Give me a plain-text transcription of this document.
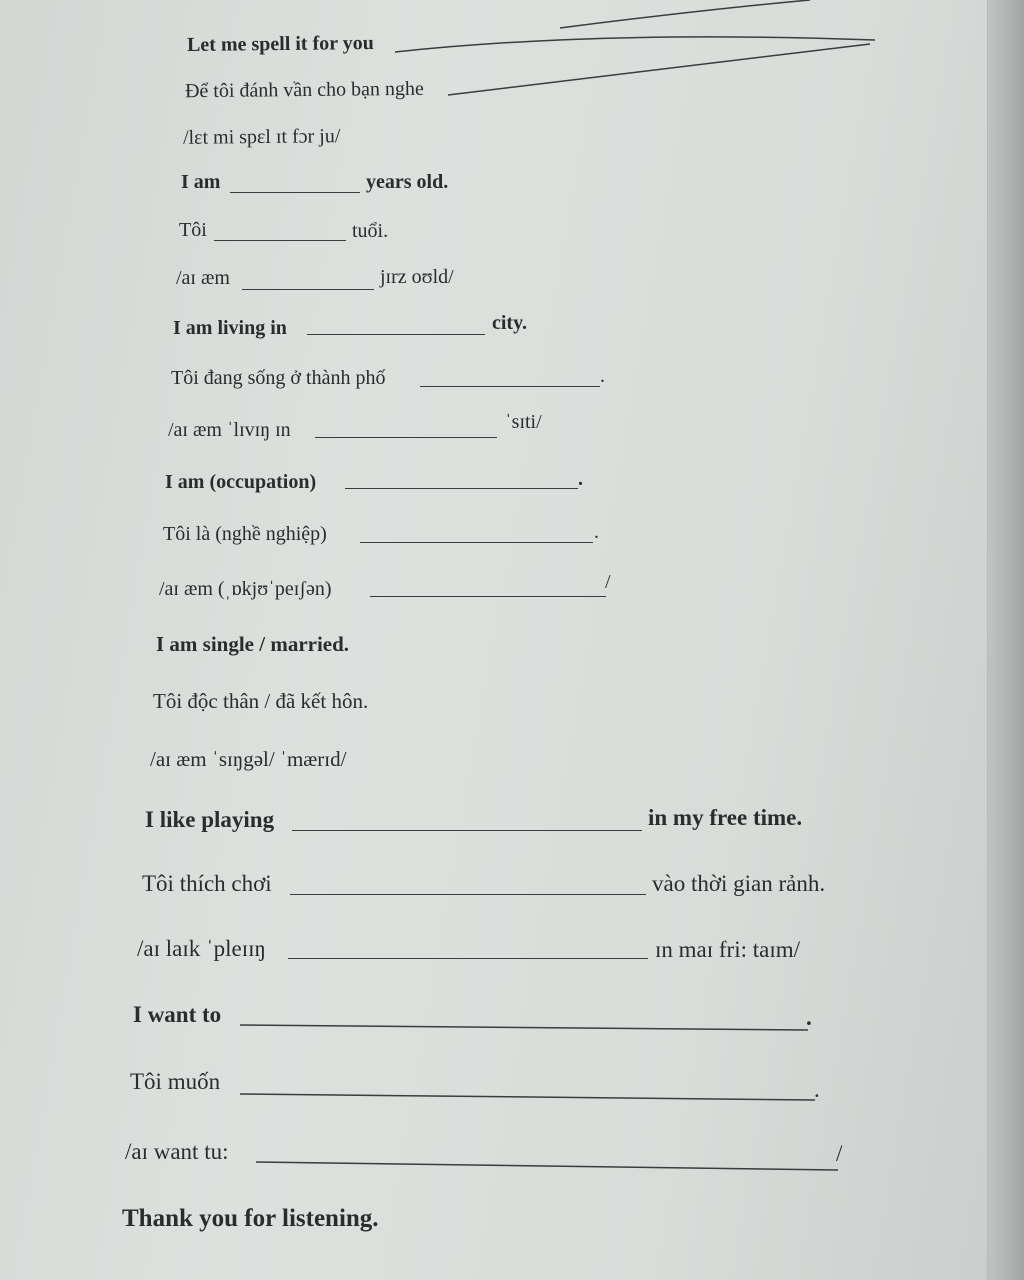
Let me spell it for you
Để tôi đánh vần cho bạn nghe
/lɛt mi spɛl ɪt fɔr ju/
I am	years old.
Tôi	tuổi.
/aɪ æm	jɪrz oʊld/
I am living in	city.
Tôi đang sống ở thành phố	.
/aɪ æm ˈlɪvɪŋ ɪn	ˈsɪti/
I am (occupation)	.
Tôi là (nghề nghiệp)	.
/aɪ æm (ˌɒkjʊˈpeɪʃən)	/
I am single / married.
Tôi độc thân / đã kết hôn.
/aɪ æm ˈsɪŋgəl/ ˈmærɪd/
I like playing	in my free time.
Tôi thích chơi	vào thời gian rảnh.
/aɪ laɪk ˈpleɪɪŋ	ɪn maɪ fri: taɪm/
I want to	.
Tôi muốn	.
/aɪ want tu:	/
Thank you for listening.
